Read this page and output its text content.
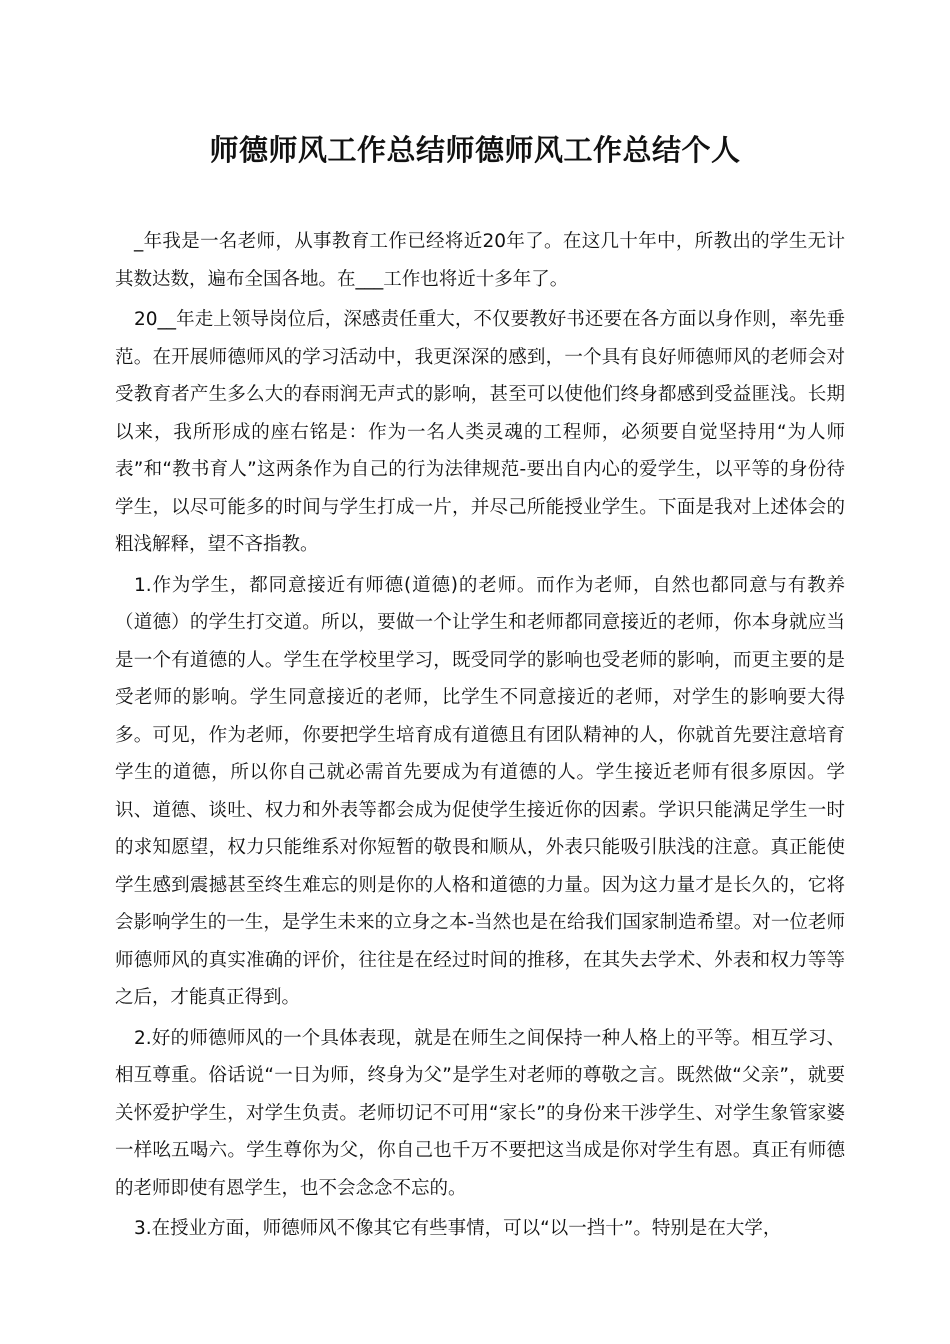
师德师风工作总结师德师风工作总结个人

_年我是一名老师，从事教育工作已经将近20年了。在这几十年中，所教出的学生无计其数达数，遍布全国各地。在___工作也将近十多年了。

20__年走上领导岗位后，深感责任重大，不仅要教好书还要在各方面以身作则，率先垂范。在开展师德师风的学习活动中，我更深深的感到，一个具有良好师德师风的老师会对受教育者产生多么大的春雨润无声式的影响，甚至可以使他们终身都感到受益匪浅。长期以来，我所形成的座右铭是：作为一名人类灵魂的工程师，必须要自觉坚持用“为人师表”和“教书育人”这两条作为自己的行为法律规范-要出自内心的爱学生，以平等的身份待学生，以尽可能多的时间与学生打成一片，并尽己所能授业学生。下面是我对上述体会的粗浅解释，望不吝指教。

1.作为学生，都同意接近有师德(道德)的老师。而作为老师，自然也都同意与有教养（道德）的学生打交道。所以，要做一个让学生和老师都同意接近的老师，你本身就应当是一个有道德的人。学生在学校里学习，既受同学的影响也受老师的影响，而更主要的是受老师的影响。学生同意接近的老师，比学生不同意接近的老师，对学生的影响要大得多。可见，作为老师，你要把学生培育成有道德且有团队精神的人，你就首先要注意培育学生的道德，所以你自己就必需首先要成为有道德的人。学生接近老师有很多原因。学识、道德、谈吐、权力和外表等都会成为促使学生接近你的因素。学识只能满足学生一时的求知愿望，权力只能维系对你短暂的敬畏和顺从，外表只能吸引肤浅的注意。真正能使学生感到震撼甚至终生难忘的则是你的人格和道德的力量。因为这力量才是长久的，它将会影响学生的一生，是学生未来的立身之本-当然也是在给我们国家制造希望。对一位老师师德师风的真实准确的评价，往往是在经过时间的推移，在其失去学术、外表和权力等等之后，才能真正得到。

2.好的师德师风的一个具体表现，就是在师生之间保持一种人格上的平等。相互学习、相互尊重。俗话说“一日为师，终身为父”是学生对老师的尊敬之言。既然做“父亲”，就要关怀爱护学生，对学生负责。老师切记不可用“家长”的身份来干涉学生、对学生象管家婆一样吆五喝六。学生尊你为父，你自己也千万不要把这当成是你对学生有恩。真正有师德的老师即使有恩学生，也不会念念不忘的。

3.在授业方面，师德师风不像其它有些事情，可以“以一挡十”。特别是在大学，
